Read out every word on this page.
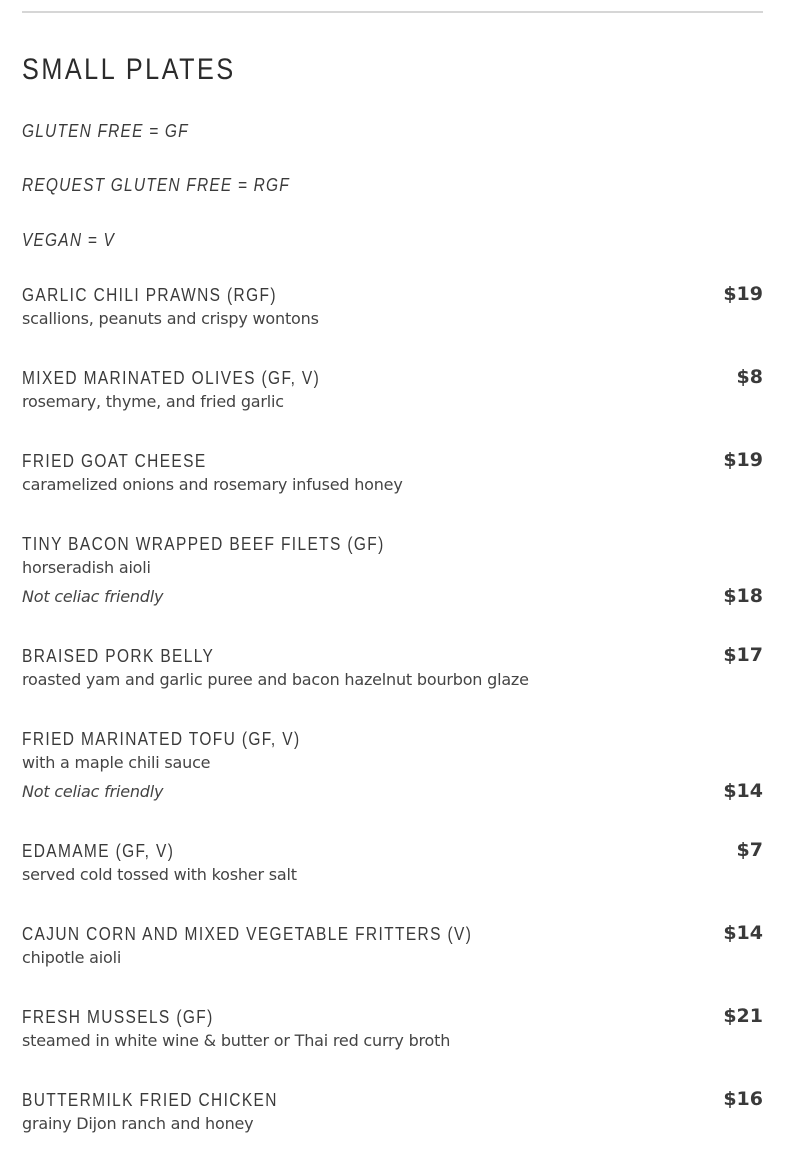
SMALL PLATES

GLUTEN FREE = GF

REQUEST GLUTEN FREE = RGF

VEGAN = V

GARLIC CHILI PRAWNS (RGF)
scallions, peanuts and crispy wontons
$19
MIXED MARINATED OLIVES (GF, V)
rosemary, thyme, and fried garlic
$8
FRIED GOAT CHEESE
caramelized onions and rosemary infused honey
$19
TINY BACON WRAPPED BEEF FILETS (GF)
horseradish aioli
Not celiac friendly	$18
BRAISED PORK BELLY
roasted yam and garlic puree and bacon hazelnut bourbon glaze
$17
FRIED MARINATED TOFU (GF, V)
with a maple chili sauce
Not celiac friendly	$14
EDAMAME (GF, V)
served cold tossed with kosher salt
$7
CAJUN CORN AND MIXED VEGETABLE FRITTERS (V)
chipotle aioli
$14
FRESH MUSSELS (GF)
steamed in white wine & butter or Thai red curry broth
$21
BUTTERMILK FRIED CHICKEN
grainy Dijon ranch and honey
$16
